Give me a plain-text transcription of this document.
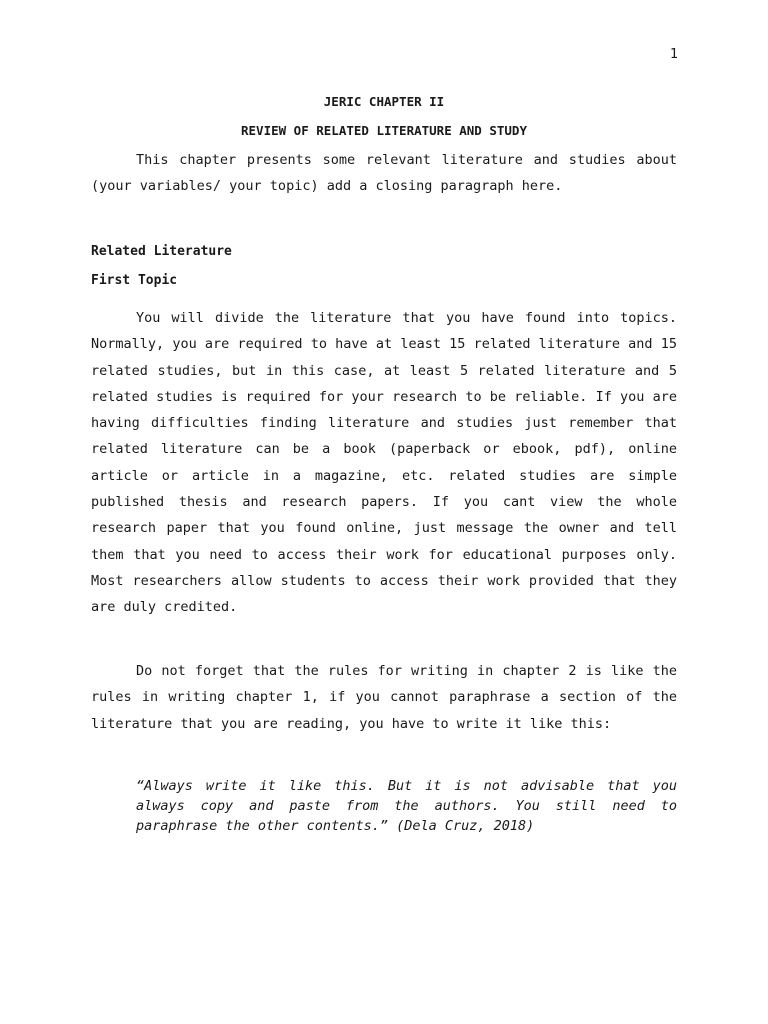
1
JERIC CHAPTER II
REVIEW OF RELATED LITERATURE AND STUDY

This chapter presents some relevant literature and studies about (your variables/ your topic) add a closing paragraph here.

Related Literature
First Topic

You will divide the literature that you have found into topics. Normally, you are required to have at least 15 related literature and 15 related studies, but in this case, at least 5 related literature and 5 related studies is required for your research to be reliable. If you are having difficulties finding literature and studies just remember that related literature can be a book (paperback or ebook, pdf), online article or article in a magazine, etc. related studies are simple published thesis and research papers. If you cant view the whole research paper that you found online, just message the owner and tell them that you need to access their work for educational purposes only. Most researchers allow students to access their work provided that they are duly credited.

Do not forget that the rules for writing in chapter 2 is like the rules in writing chapter 1, if you cannot paraphrase a section of the literature that you are reading, you have to write it like this:

“Always write it like this. But it is not advisable that you always copy and paste from the authors. You still need to paraphrase the other contents.” (Dela Cruz, 2018)
